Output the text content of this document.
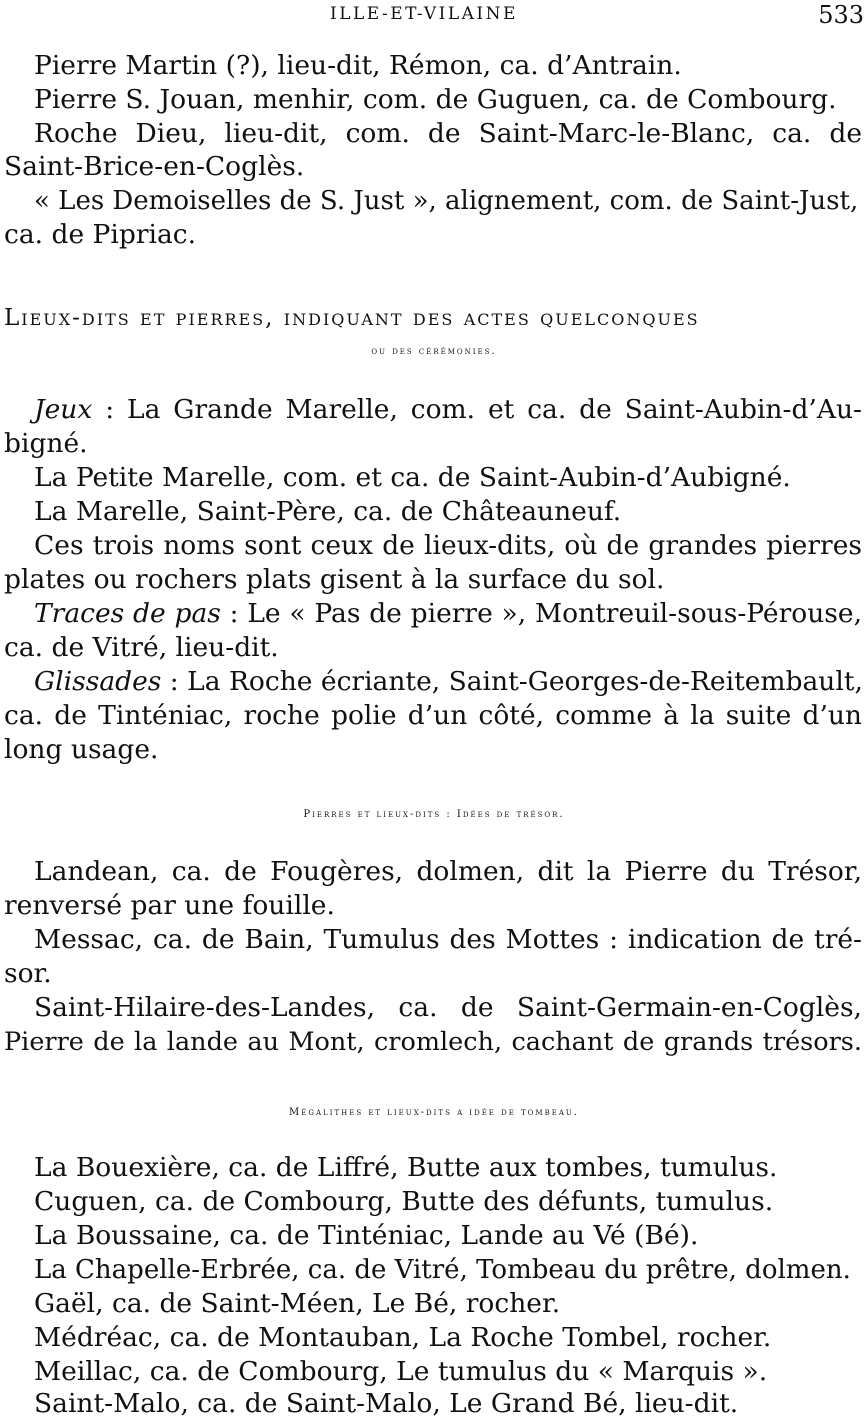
ILLE-ET-VILAINE	533
Pierre Martin (?), lieu-dit, Rémon, ca. d’Antrain.
Pierre S. Jouan, menhir, com. de Guguen, ca. de Combourg.
Roche Dieu, lieu-dit, com. de Saint-Marc-le-Blanc, ca. de
Saint-Brice-en-Coglès.
« Les Demoiselles de S. Just », alignement, com. de Saint-Just,
ca. de Pipriac.
Lieux-dits et pierres, indiquant des actes quelconques
ou des cérémonies.
Jeux : La Grande Marelle, com. et ca. de Saint-Aubin-d’Au-
bigné.
La Petite Marelle, com. et ca. de Saint-Aubin-d’Aubigné.
La Marelle, Saint-Père, ca. de Châteauneuf.
Ces trois noms sont ceux de lieux-dits, où de grandes pierres
plates ou rochers plats gisent à la surface du sol.
Traces de pas : Le « Pas de pierre », Montreuil-sous-Pérouse,
ca. de Vitré, lieu-dit.
Glissades : La Roche écriante, Saint-Georges-de-Reitembault,
ca. de Tinténiac, roche polie d’un côté, comme à la suite d’un
long usage.
Pierres et lieux-dits : Idées de trésor.
Landean, ca. de Fougères, dolmen, dit la Pierre du Trésor,
renversé par une fouille.
Messac, ca. de Bain, Tumulus des Mottes : indication de tré-
sor.
Saint-Hilaire-des-Landes, ca. de Saint-Germain-en-Coglès,
Pierre de la lande au Mont, cromlech, cachant de grands trésors.
Mégalithes et lieux-dits a idée de tombeau.
La Bouexière, ca. de Liffré, Butte aux tombes, tumulus.
Cuguen, ca. de Combourg, Butte des défunts, tumulus.
La Boussaine, ca. de Tinténiac, Lande au Vé (Bé).
La Chapelle-Erbrée, ca. de Vitré, Tombeau du prêtre, dolmen.
Gaël, ca. de Saint-Méen, Le Bé, rocher.
Médréac, ca. de Montauban, La Roche Tombel, rocher.
Meillac, ca. de Combourg, Le tumulus du « Marquis ».
Saint-Malo, ca. de Saint-Malo, Le Grand Bé, lieu-dit.
